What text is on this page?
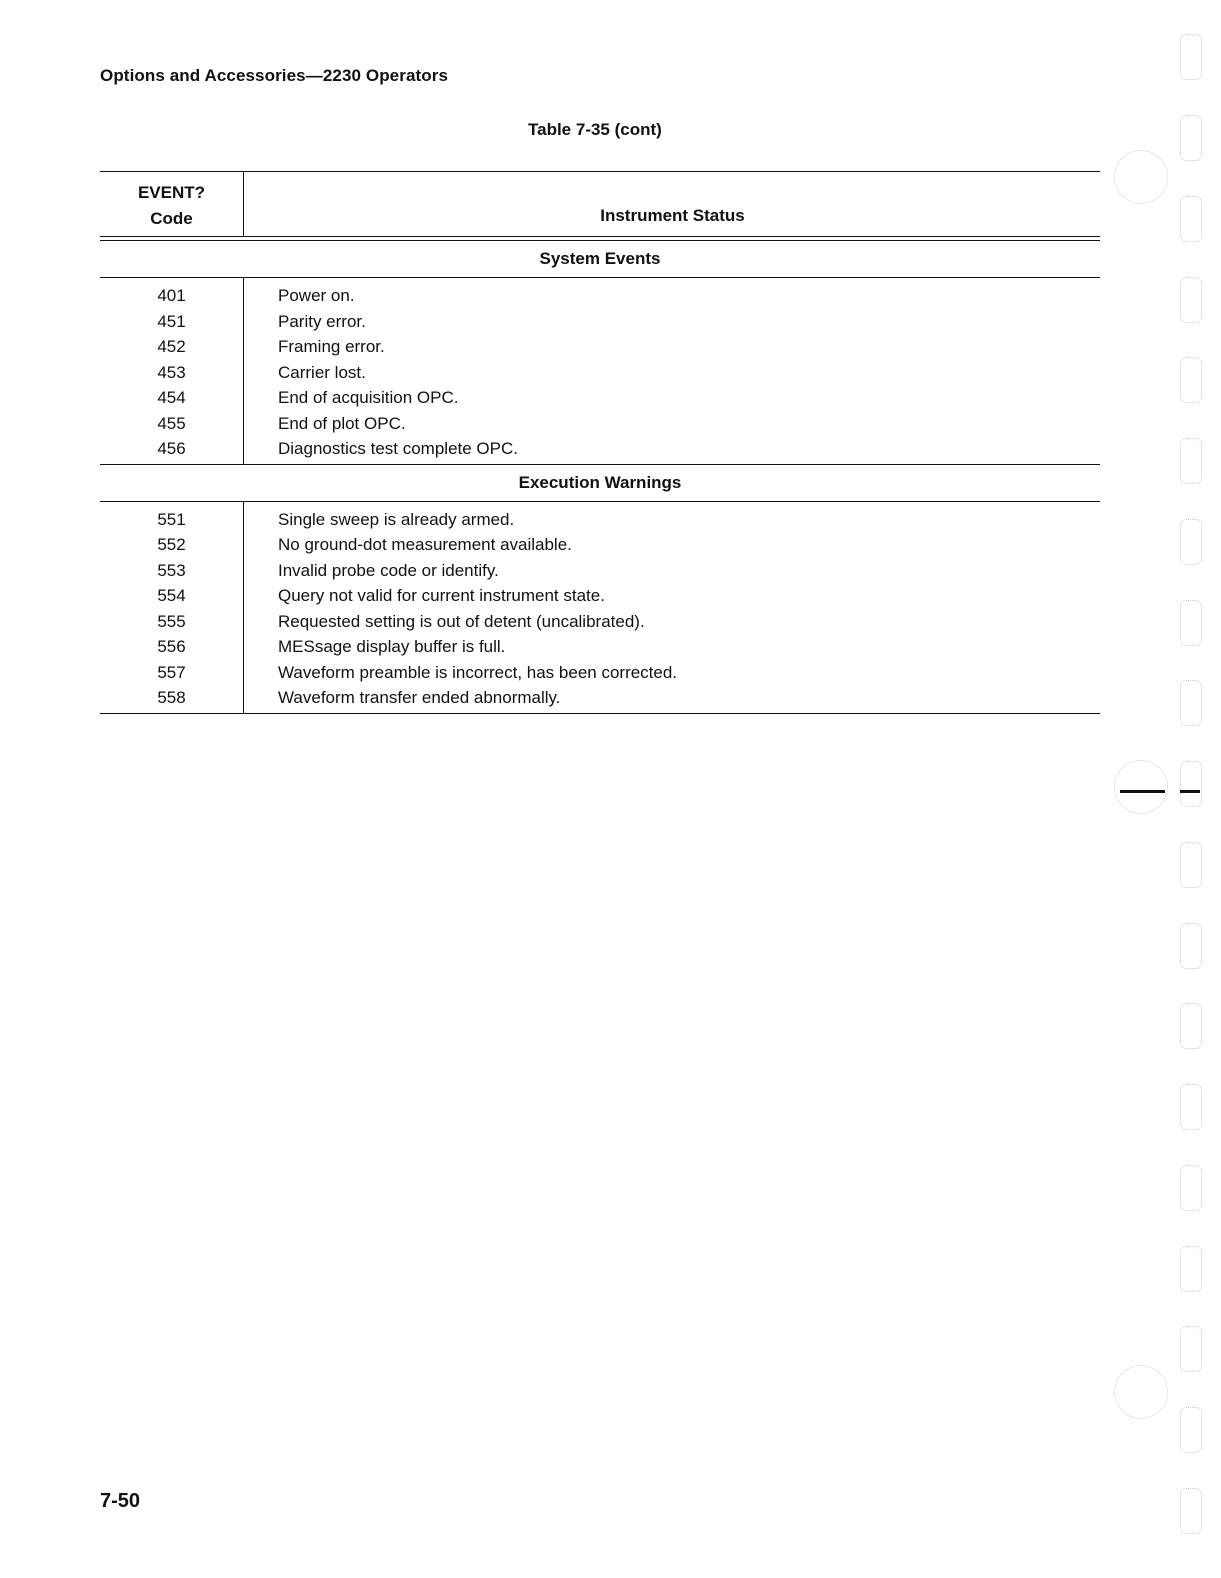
Options and Accessories—2230 Operators
Table 7-35 (cont)
EVENT?
Code	Instrument Status
System Events
401	Power on.
451	Parity error.
452	Framing error.
453	Carrier lost.
454	End of acquisition OPC.
455	End of plot OPC.
456	Diagnostics test complete OPC.
Execution Warnings
551	Single sweep is already armed.
552	No ground-dot measurement available.
553	Invalid probe code or identify.
554	Query not valid for current instrument state.
555	Requested setting is out of detent (uncalibrated).
556	MESsage display buffer is full.
557	Waveform preamble is incorrect, has been corrected.
558	Waveform transfer ended abnormally.
7-50
